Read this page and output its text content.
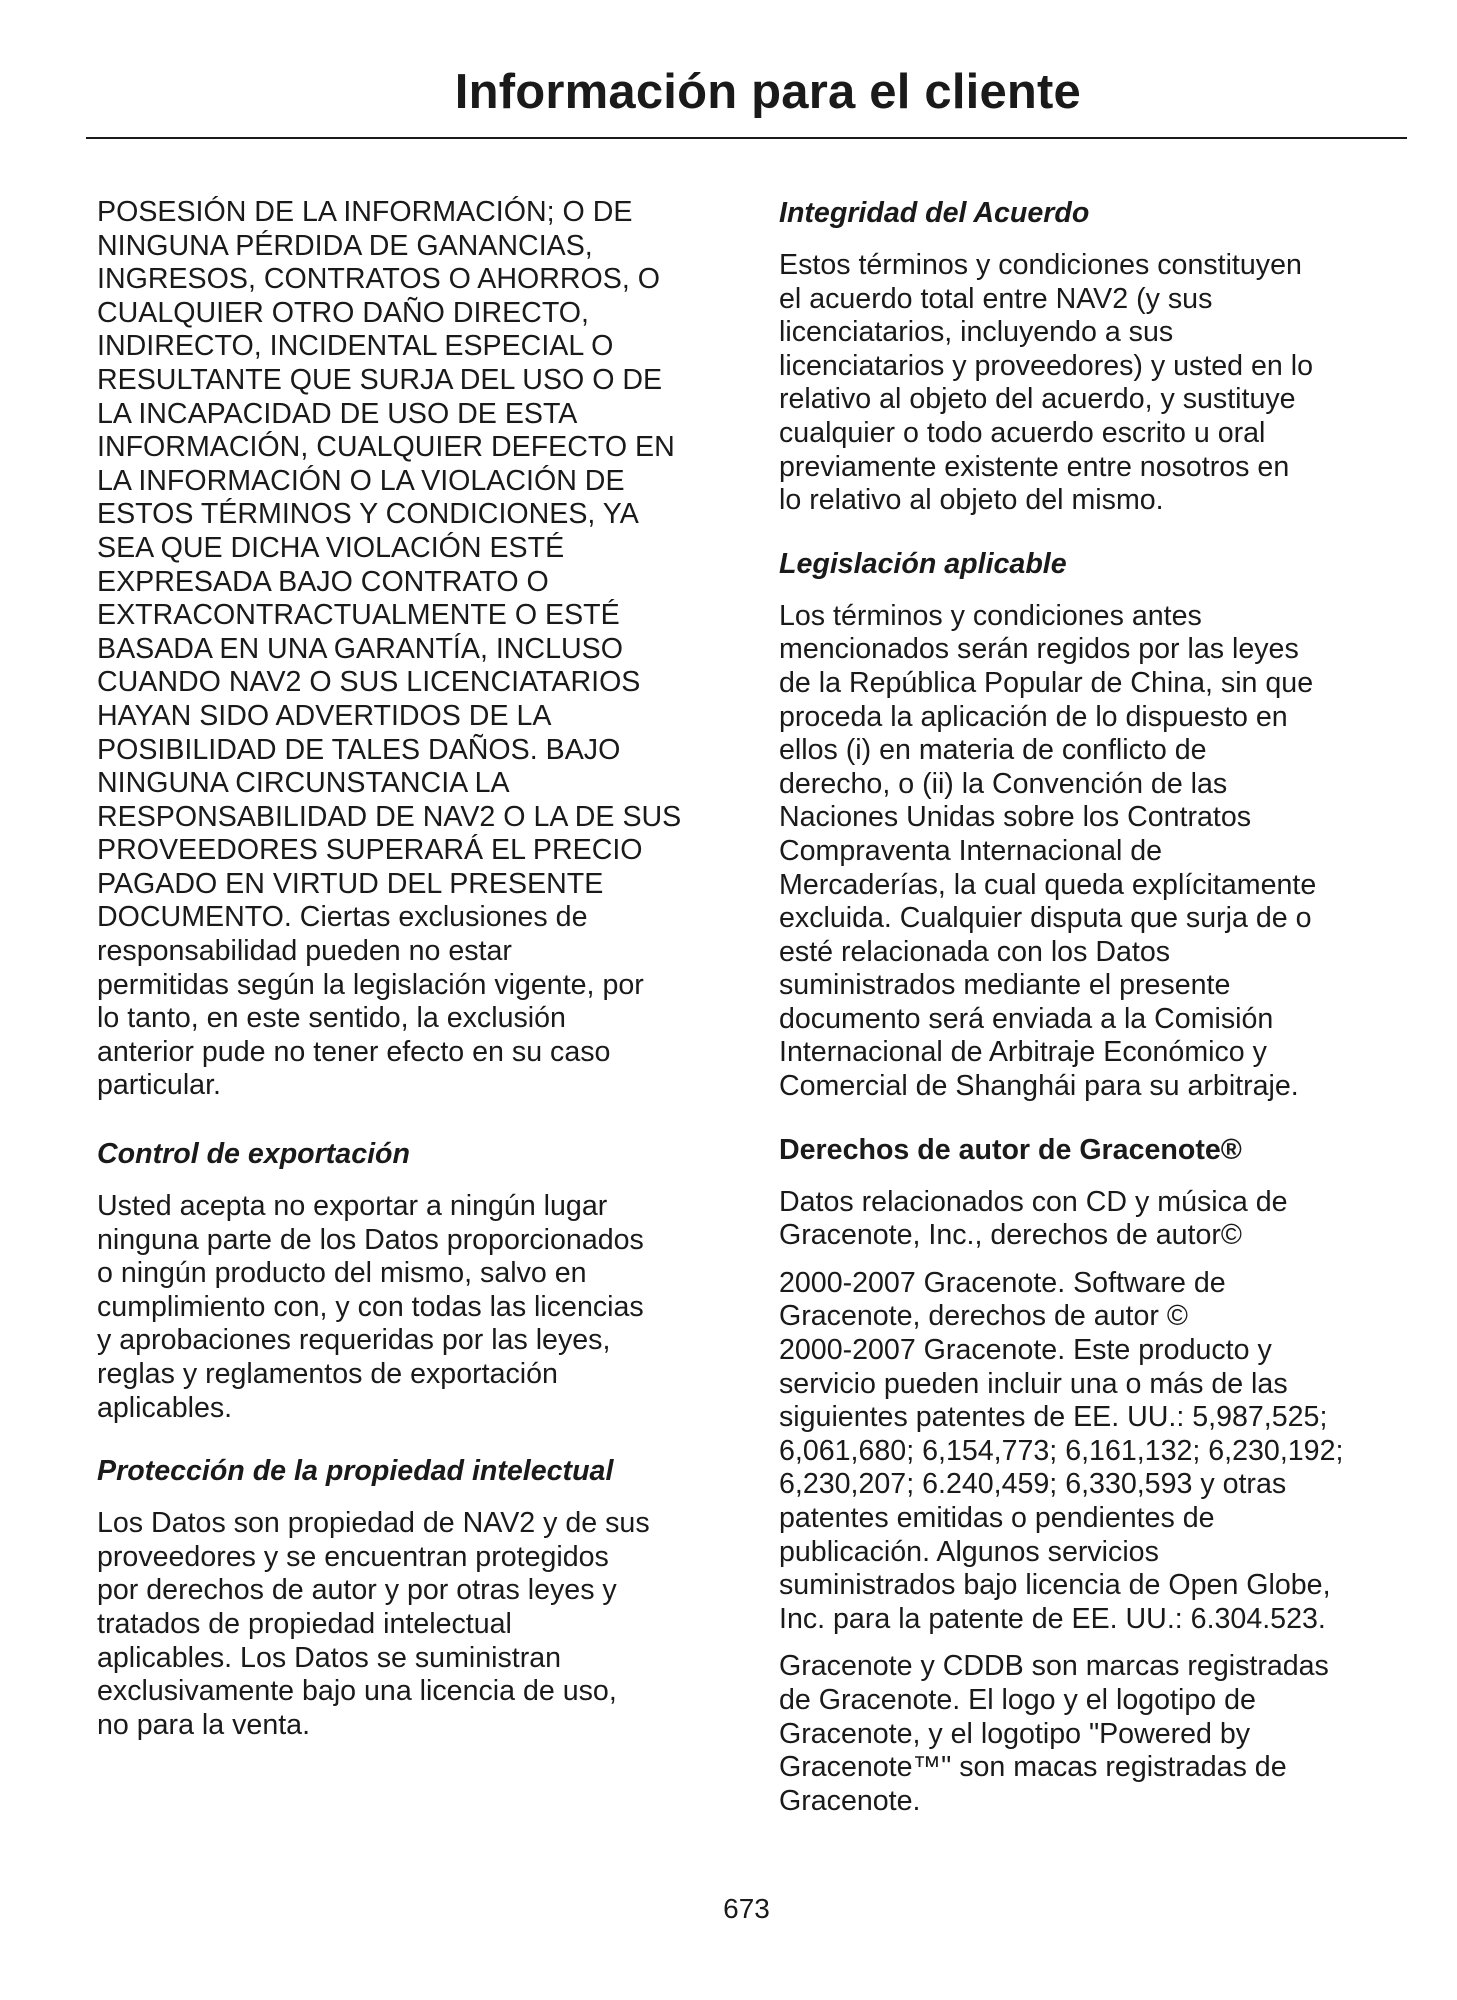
Información para el cliente

POSESIÓN DE LA INFORMACIÓN; O DE
NINGUNA PÉRDIDA DE GANANCIAS,
INGRESOS, CONTRATOS O AHORROS, O
CUALQUIER OTRO DAÑO DIRECTO,
INDIRECTO, INCIDENTAL ESPECIAL O
RESULTANTE QUE SURJA DEL USO O DE
LA INCAPACIDAD DE USO DE ESTA
INFORMACIÓN, CUALQUIER DEFECTO EN
LA INFORMACIÓN O LA VIOLACIÓN DE
ESTOS TÉRMINOS Y CONDICIONES, YA
SEA QUE DICHA VIOLACIÓN ESTÉ
EXPRESADA BAJO CONTRATO O
EXTRACONTRACTUALMENTE O ESTÉ
BASADA EN UNA GARANTÍA, INCLUSO
CUANDO NAV2 O SUS LICENCIATARIOS
HAYAN SIDO ADVERTIDOS DE LA
POSIBILIDAD DE TALES DAÑOS. BAJO
NINGUNA CIRCUNSTANCIA LA
RESPONSABILIDAD DE NAV2 O LA DE SUS
PROVEEDORES SUPERARÁ EL PRECIO
PAGADO EN VIRTUD DEL PRESENTE
DOCUMENTO. Ciertas exclusiones de
responsabilidad pueden no estar
permitidas según la legislación vigente, por
lo tanto, en este sentido, la exclusión
anterior pude no tener efecto en su caso
particular.

Control de exportación

Usted acepta no exportar a ningún lugar
ninguna parte de los Datos proporcionados
o ningún producto del mismo, salvo en
cumplimiento con, y con todas las licencias
y aprobaciones requeridas por las leyes,
reglas y reglamentos de exportación
aplicables.

Protección de la propiedad intelectual

Los Datos son propiedad de NAV2 y de sus
proveedores y se encuentran protegidos
por derechos de autor y por otras leyes y
tratados de propiedad intelectual
aplicables. Los Datos se suministran
exclusivamente bajo una licencia de uso,
no para la venta.

Integridad del Acuerdo

Estos términos y condiciones constituyen
el acuerdo total entre NAV2 (y sus
licenciatarios, incluyendo a sus
licenciatarios y proveedores) y usted en lo
relativo al objeto del acuerdo, y sustituye
cualquier o todo acuerdo escrito u oral
previamente existente entre nosotros en
lo relativo al objeto del mismo.

Legislación aplicable

Los términos y condiciones antes
mencionados serán regidos por las leyes
de la República Popular de China, sin que
proceda la aplicación de lo dispuesto en
ellos (i) en materia de conflicto de
derecho, o (ii) la Convención de las
Naciones Unidas sobre los Contratos
Compraventa Internacional de
Mercaderías, la cual queda explícitamente
excluida. Cualquier disputa que surja de o
esté relacionada con los Datos
suministrados mediante el presente
documento será enviada a la Comisión
Internacional de Arbitraje Económico y
Comercial de Shanghái para su arbitraje.

Derechos de autor de Gracenote®

Datos relacionados con CD y música de
Gracenote, Inc., derechos de autor©

2000-2007 Gracenote. Software de
Gracenote, derechos de autor ©
2000-2007 Gracenote. Este producto y
servicio pueden incluir una o más de las
siguientes patentes de EE. UU.: 5,987,525;
6,061,680; 6,154,773; 6,161,132; 6,230,192;
6,230,207; 6.240,459; 6,330,593 y otras
patentes emitidas o pendientes de
publicación. Algunos servicios
suministrados bajo licencia de Open Globe,
Inc. para la patente de EE. UU.: 6.304.523.

Gracenote y CDDB son marcas registradas
de Gracenote. El logo y el logotipo de
Gracenote, y el logotipo "Powered by
Gracenote™" son macas registradas de
Gracenote.

673
